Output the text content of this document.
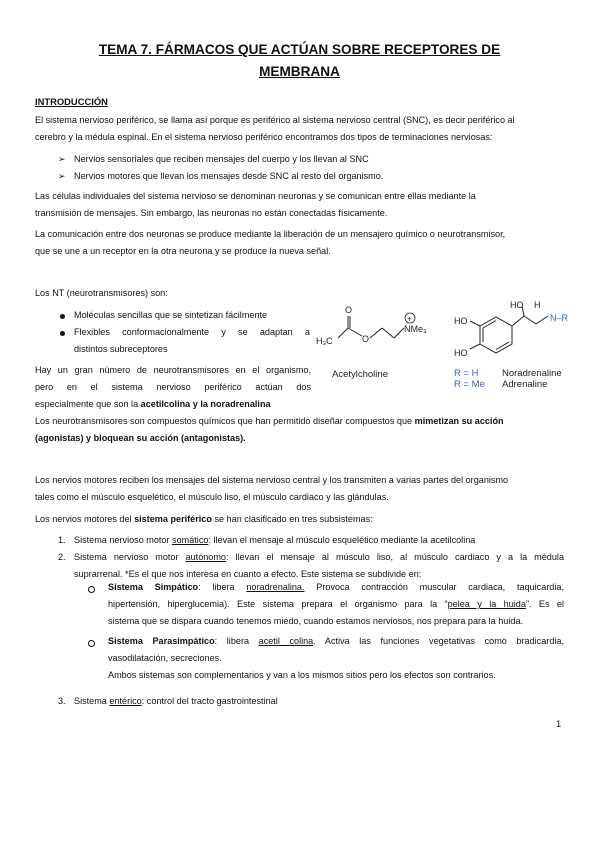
TEMA 7. FÁRMACOS QUE ACTÚAN SOBRE RECEPTORES DE
MEMBRANA
INTRODUCCIÓN
El sistema nervioso periférico, se llama así porque es periférico al sistema nervioso central (SNC), es decir periférico al
cerebro y la médula espinal. En el sistema nervioso periférico encontramos dos tipos de terminaciones nerviosas:
➢ Nervios sensoriales que reciben mensajes del cuerpo y los llevan al SNC
➢ Nervios motores que llevan los mensajes desde SNC al resto del organismo.
Las células individuales del sistema nervioso se denominan neuronas y se comunican entre ellas mediante la
transmisión de mensajes. Sin embargo, las neuronas no están conectadas físicamente.
La comunicación entre dos neuronas se produce mediante la liberación de un mensajero químico o neurotransmisor,
que se une a un receptor en la otra neurona y se produce la nueva señal.
Los NT (neurotransmisores) son:
Moléculas sencillas que se sintetizan fácilmente
Flexibles conformacionalmente y se adaptan a
distintos subreceptores
Hay un gran número de neurotransmisores en el organismo,
pero en el sistema nervioso periférico actúan dos
especialmente que son la acetilcolina y la noradrenalina
H₃C
O
O
NMe₃
+
Acetylcholine
HO
HO
HO H
N–R
R = H
R = Me
Noradrenaline
Adrenaline
Los neurotransmisores son compuestos químicos que han permitido diseñar compuestos que mimetizan su acción
(agonistas) y bloquean su acción (antagonistas).
Los nervios motores reciben los mensajes del sistema nervioso central y los transmiten a varias partes del organismo
tales como el músculo esquelético, el músculo liso, el músculo cardiaco y las glándulas.
Los nervios motores del sistema periférico se han clasificado en tres subsistemas:
1. Sistema nervioso motor somático: llevan el mensaje al músculo esquelético mediante la acetilcolina
2. Sistema nervioso motor autónomo: llevan el mensaje al músculo liso, al músculo cardiaco y a la médula
suprarrenal. *Es el que nos interesa en cuanto a efecto. Este sistema se subdivide en:
Sistema Simpático: libera noradrenalina. Provoca contracción muscular cardiaca, taquicardia,
hipertensión, hiperglucemia). Este sistema prepara el organismo para la “pelea y la huida”. Es el
sistema que se dispara cuando tenemos miedo, cuando estamos nerviosos, nos prepara para la huida.
Sistema Parasimpático: libera acetil colina. Activa las funciones vegetativas como bradicardia,
vasodilatación, secreciones.
Ambos sistemas son complementarios y van a los mismos sitios pero los efectos son contrarios.
3. Sistema entérico: control del tracto gastrointestinal
1
